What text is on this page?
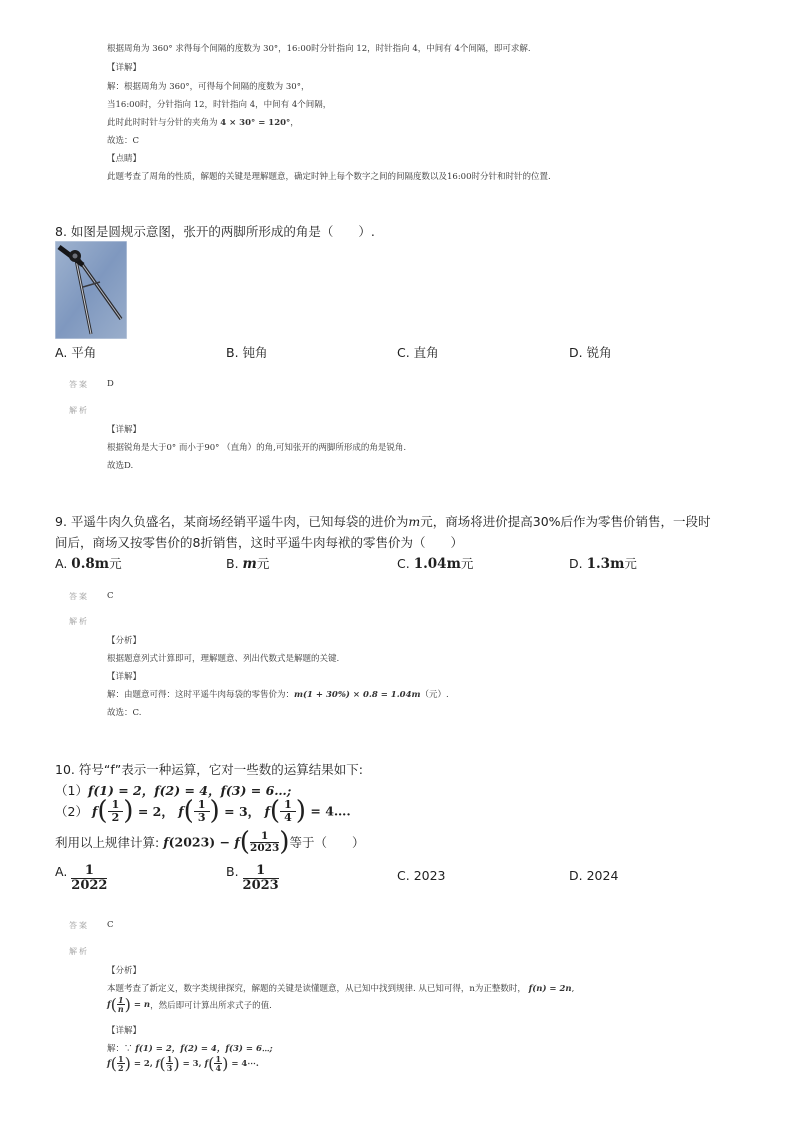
根据周角为 360° 求得每个间隔的度数为 30°，16:00时分针指向 12，时针指向 4，中间有 4个间隔，即可求解.
【详解】
解：根据周角为 360°，可得每个间隔的度数为 30°，
当16:00时，分针指向 12，时针指向 4，中间有 4个间隔，
此时此时时针与分针的夹角为 4 × 30° = 120°，
故选：C
【点睛】
此题考查了周角的性质，解题的关键是理解题意，确定时钟上每个数字之间的间隔度数以及16:00时分针和时针的位置.
8. 如图是圆规示意图，张开的两脚所形成的角是（　　）.
A. 平角	B. 钝角	C. 直角	D. 锐角
答案 D
解析
【详解】
根据锐角是大于0° 而小于90° （直角）的角,可知张开的两脚所形成的角是锐角.
故选D.
9. 平遥牛肉久负盛名，某商场经销平遥牛肉，已知每袋的进价为m元，商场将进价提高30%后作为零售价销售，一段时
间后，商场又按零售价的8折销售，这时平遥牛肉每袱的零售价为（　　）
A. 0.8m元	B. m元	C. 1.04m元	D. 1.3m元
答案 C
解析
【分析】
根据题意列式计算即可，理解题意、列出代数式是解题的关键.
【详解】
解：由题意可得：这时平遥牛肉每袋的零售价为：m(1 + 30%) × 0.8 = 1.04m（元）.
故选：C.
10. 符号“f”表示一种运算，它对一些数的运算结果如下:
（1）f(1) = 2，f(2) = 4，f(3) = 6…;
（2） $f( \frac{1}{2}$ ) = 2， $f( \frac{1}{3}$ ) = 3， $f( \frac{1}{4}$ ) = 4….
利用以上规律计算: $f(2023) - f( \frac{1}{2023}$ )等于（　　）
A. $\frac{1}{2022}$	B. $\frac{1}{2023}$	C. 2023	D. 2024
答案 C
解析
【分析】
本题考查了新定义，数字类规律探究，解题的关键是读懂题意，从已知中找到规律. 从已知可得，n为正整数时， f(n) = 2n,
$f( \frac{1}{n}$ ) = n，然后即可计算出所求式子的值.
【详解】
解：∵ f(1) = 2，f(2) = 4，f(3) = 6⋯;
$f( \frac{1}{2}$ ) = 2, $f( \frac{1}{3}$ ) = 3, $f( \frac{1}{4}$ ) = 4⋯.
